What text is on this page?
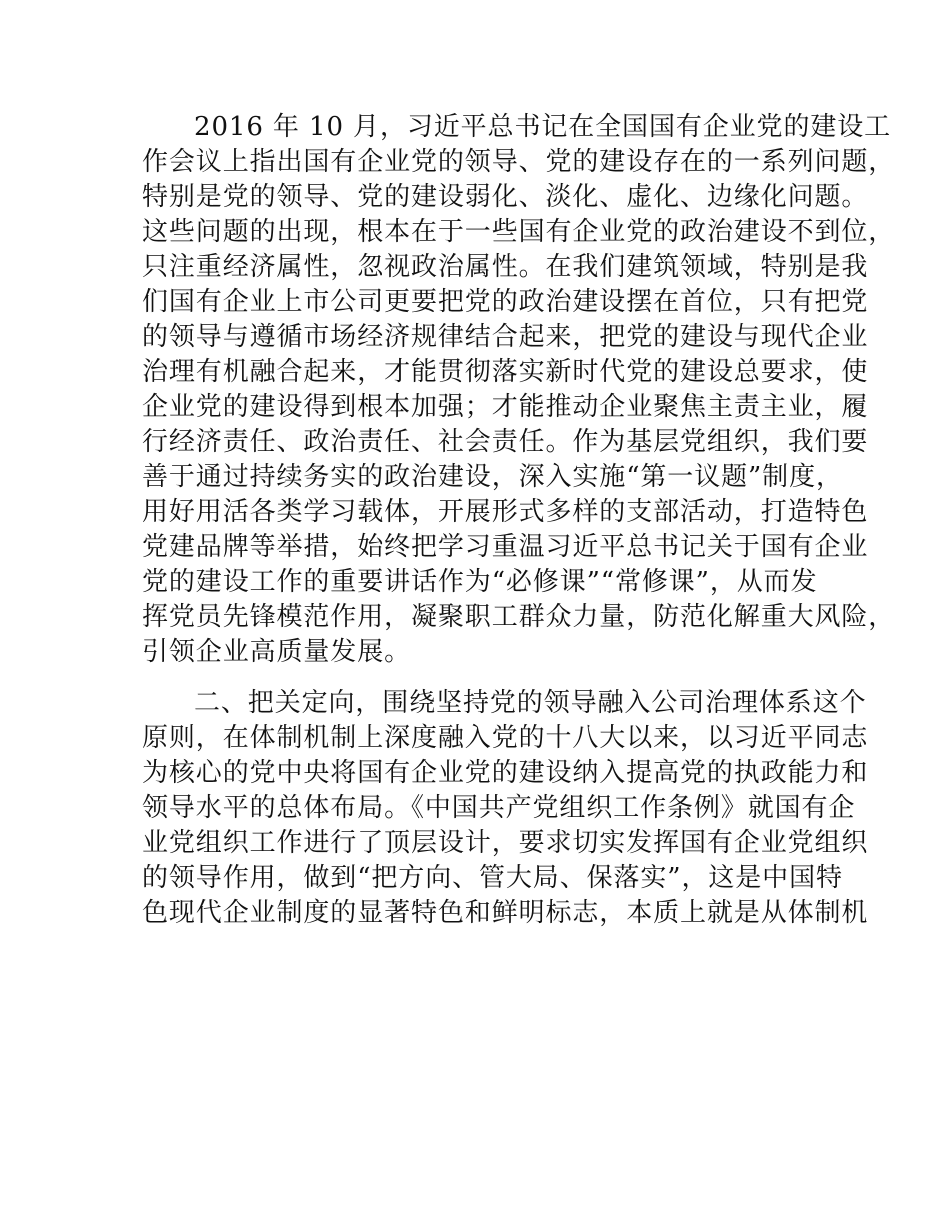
2016 年 10 月，习近平总书记在全国国有企业党的建设工

作会议上指出国有企业党的领导、党的建设存在的一系列问题，

特别是党的领导、党的建设弱化、淡化、虚化、边缘化问题。

这些问题的出现，根本在于一些国有企业党的政治建设不到位，

只注重经济属性，忽视政治属性。在我们建筑领域，特别是我

们国有企业上市公司更要把党的政治建设摆在首位，只有把党

的领导与遵循市场经济规律结合起来，把党的建设与现代企业

治理有机融合起来，才能贯彻落实新时代党的建设总要求，使

企业党的建设得到根本加强；才能推动企业聚焦主责主业，履

行经济责任、政治责任、社会责任。作为基层党组织，我们要

善于通过持续务实的政治建设，深入实施“第一议题”制度，

用好用活各类学习载体，开展形式多样的支部活动，打造特色

党建品牌等举措，始终把学习重温习近平总书记关于国有企业

党的建设工作的重要讲话作为“必修课”“常修课”，从而发

挥党员先锋模范作用，凝聚职工群众力量，防范化解重大风险，

引领企业高质量发展。

二、把关定向，围绕坚持党的领导融入公司治理体系这个

原则，在体制机制上深度融入党的十八大以来，以习近平同志

为核心的党中央将国有企业党的建设纳入提高党的执政能力和

领导水平的总体布局。《中国共产党组织工作条例》就国有企

业党组织工作进行了顶层设计，要求切实发挥国有企业党组织

的领导作用，做到“把方向、管大局、保落实”，这是中国特

色现代企业制度的显著特色和鲜明标志，本质上就是从体制机
